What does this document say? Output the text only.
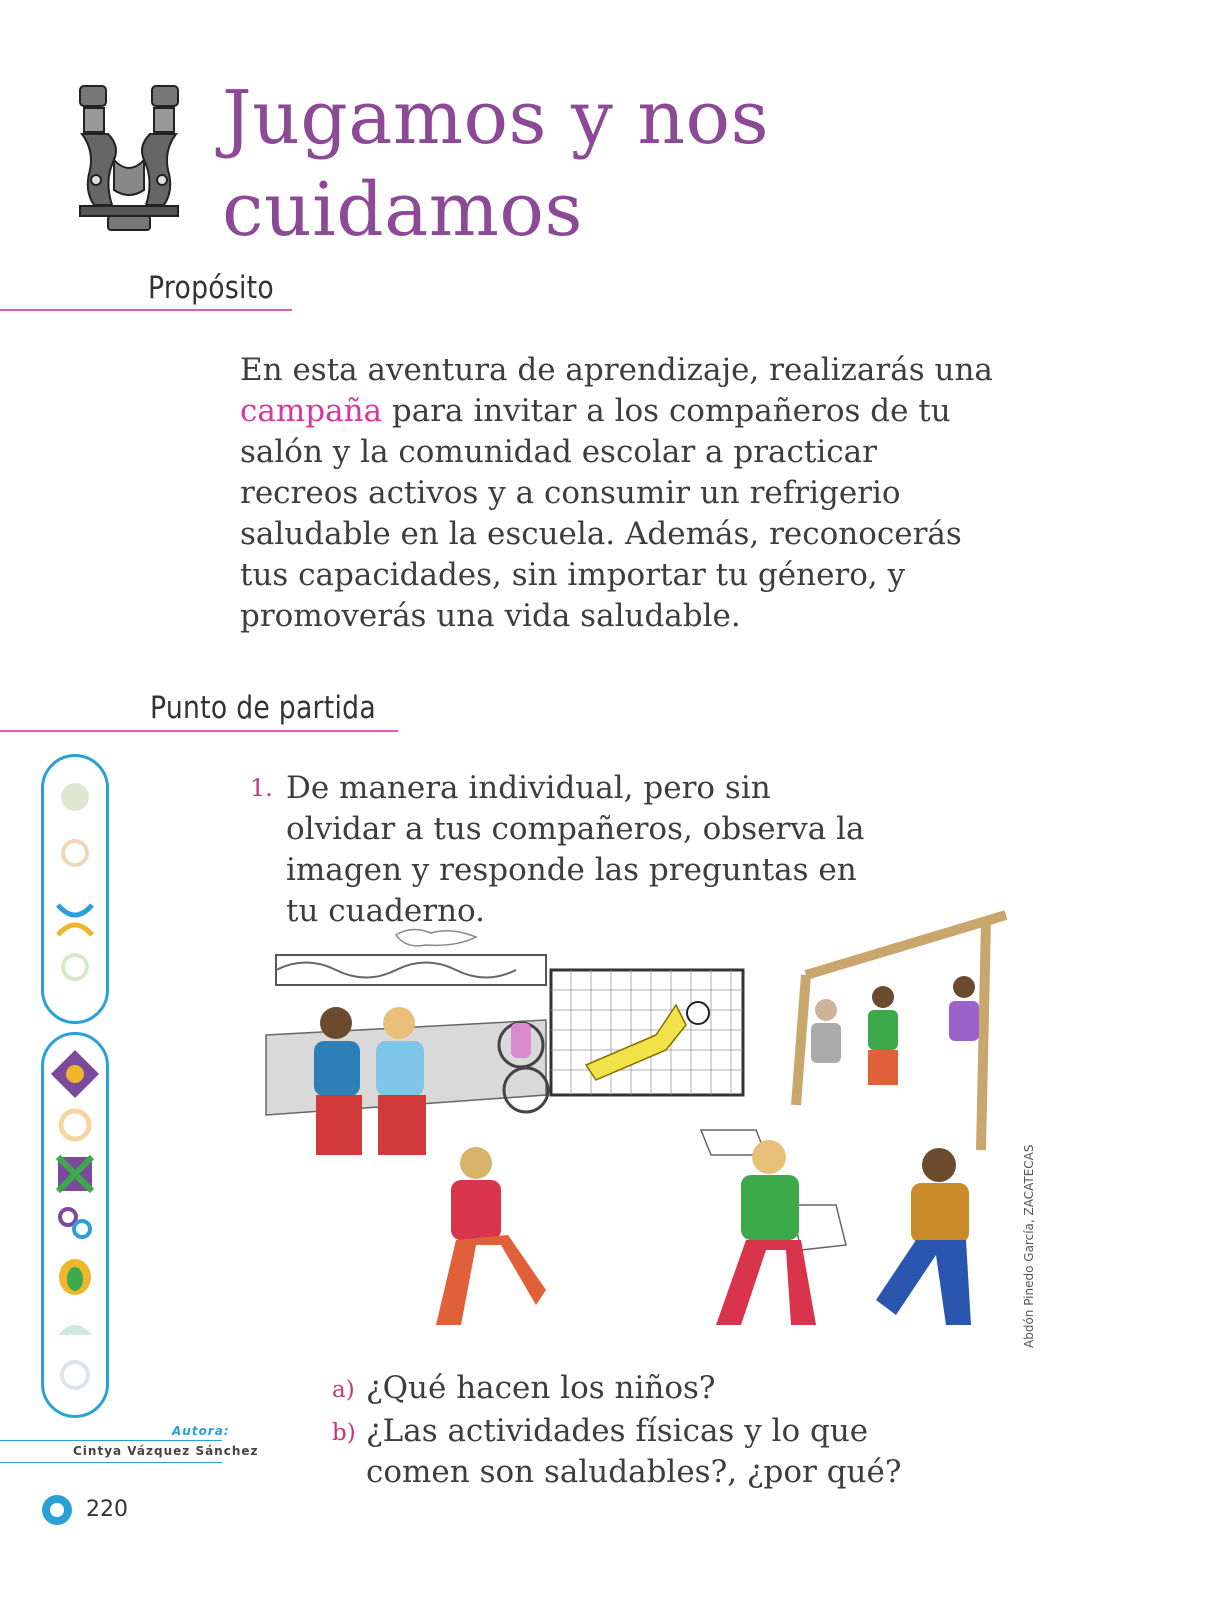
Jugamos y nos
cuidamos
Propósito
En esta aventura de aprendizaje, realizarás una campaña para invitar a los compañeros de tu salón y la comunidad escolar a practicar recreos activos y a consumir un refrigerio saludable en la escuela. Además, reconocerás tus capacidades, sin importar tu género, y promoverás una vida saludable.
Punto de partida
1. De manera individual, pero sin olvidar a tus compañeros, observa la imagen y responde las preguntas en tu cuaderno.
Abdón Pinedo García, ZACATECAS
a) ¿Qué hacen los niños?
b) ¿Las actividades físicas y lo que comen son saludables?, ¿por qué?
Autora:
Cintya Vázquez Sánchez
220
